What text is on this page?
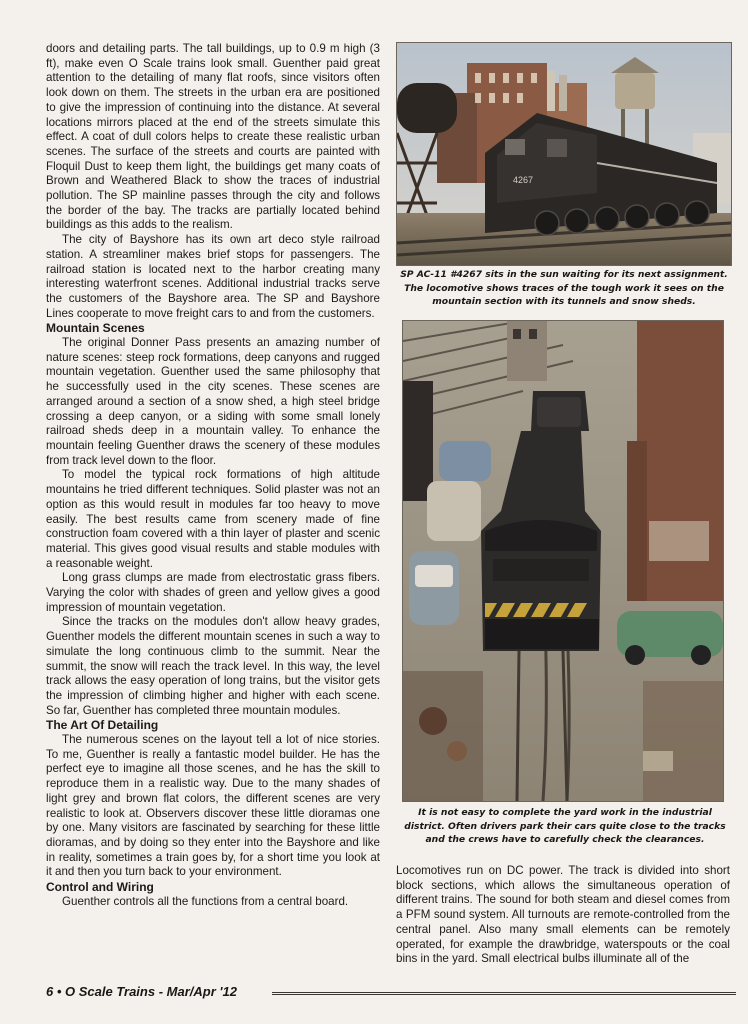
doors and detailing parts. The tall buildings, up to 0.9 m high (3 ft), make even O Scale trains look small. Guenther paid great attention to the detailing of many flat roofs, since visitors often look down on them. The streets in the urban era are positioned to give the impression of continuing into the distance. At several locations mirrors placed at the end of the streets simulate this effect. A coat of dull colors helps to create these realistic urban scenes. The surface of the streets and courts are painted with Floquil Dust to keep them light, the buildings get many coats of Brown and Weathered Black to show the traces of industrial pollution. The SP mainline passes through the city and follows the border of the bay. The tracks are partially located behind buildings as this adds to the realism.

The city of Bayshore has its own art deco style railroad station. A streamliner makes brief stops for passengers. The railroad station is located next to the harbor creating many interesting waterfront scenes. Additional industrial tracks serve the customers of the Bayshore area. The SP and Bayshore Lines cooperate to move freight cars to and from the customers.

Mountain Scenes

The original Donner Pass presents an amazing number of nature scenes: steep rock formations, deep canyons and rugged mountain vegetation. Guenther used the same philosophy that he successfully used in the city scenes. These scenes are arranged around a section of a snow shed, a high steel bridge crossing a deep canyon, or a siding with some small lonely railroad sheds deep in a mountain valley. To enhance the mountain feeling Guenther draws the scenery of these modules from track level down to the floor.

To model the typical rock formations of high altitude mountains he tried different techniques. Solid plaster was not an option as this would result in modules far too heavy to move easily. The best results came from scenery made of fine construction foam covered with a thin layer of plaster and scenic material. This gives good visual results and stable modules with a reasonable weight.

Long grass clumps are made from electrostatic grass fibers. Varying the color with shades of green and yellow gives a good impression of mountain vegetation.

Since the tracks on the modules don't allow heavy grades, Guenther models the different mountain scenes in such a way to simulate the long continuous climb to the summit. Near the summit, the snow will reach the track level. In this way, the level track allows the easy operation of long trains, but the visitor gets the impression of climbing higher and higher with each scene. So far, Guenther has completed three mountain modules.

The Art Of Detailing

The numerous scenes on the layout tell a lot of nice stories. To me, Guenther is really a fantastic model builder. He has the perfect eye to imagine all those scenes, and he has the skill to reproduce them in a realistic way. Due to the many shades of light grey and brown flat colors, the different scenes are very realistic to look at. Observers discover these little dioramas one by one. Many visitors are fascinated by searching for these little dioramas, and by doing so they enter into the Bayshore and like in reality, sometimes a train goes by, for a short time you look at it and then you turn back to your environment.

Control and Wiring

Guenther controls all the functions from a central board.

4267
SP AC-11 #4267 sits in the sun waiting for its next assignment. The locomotive shows traces of the tough work it sees on the mountain section with its tunnels and snow sheds.
It is not easy to complete the yard work in the industrial district. Often drivers park their cars quite close to the tracks and the crews have to carefully check the clearances.

Locomotives run on DC power. The track is divided into short block sections, which allows the simultaneous operation of different trains. The sound for both steam and diesel comes from a PFM sound system. All turnouts are remote-controlled from the central panel. Also many small elements can be remotely operated, for example the drawbridge, waterspouts or the coal bins in the yard. Small electrical bulbs illuminate all of the

6 • O Scale Trains - Mar/Apr '12
